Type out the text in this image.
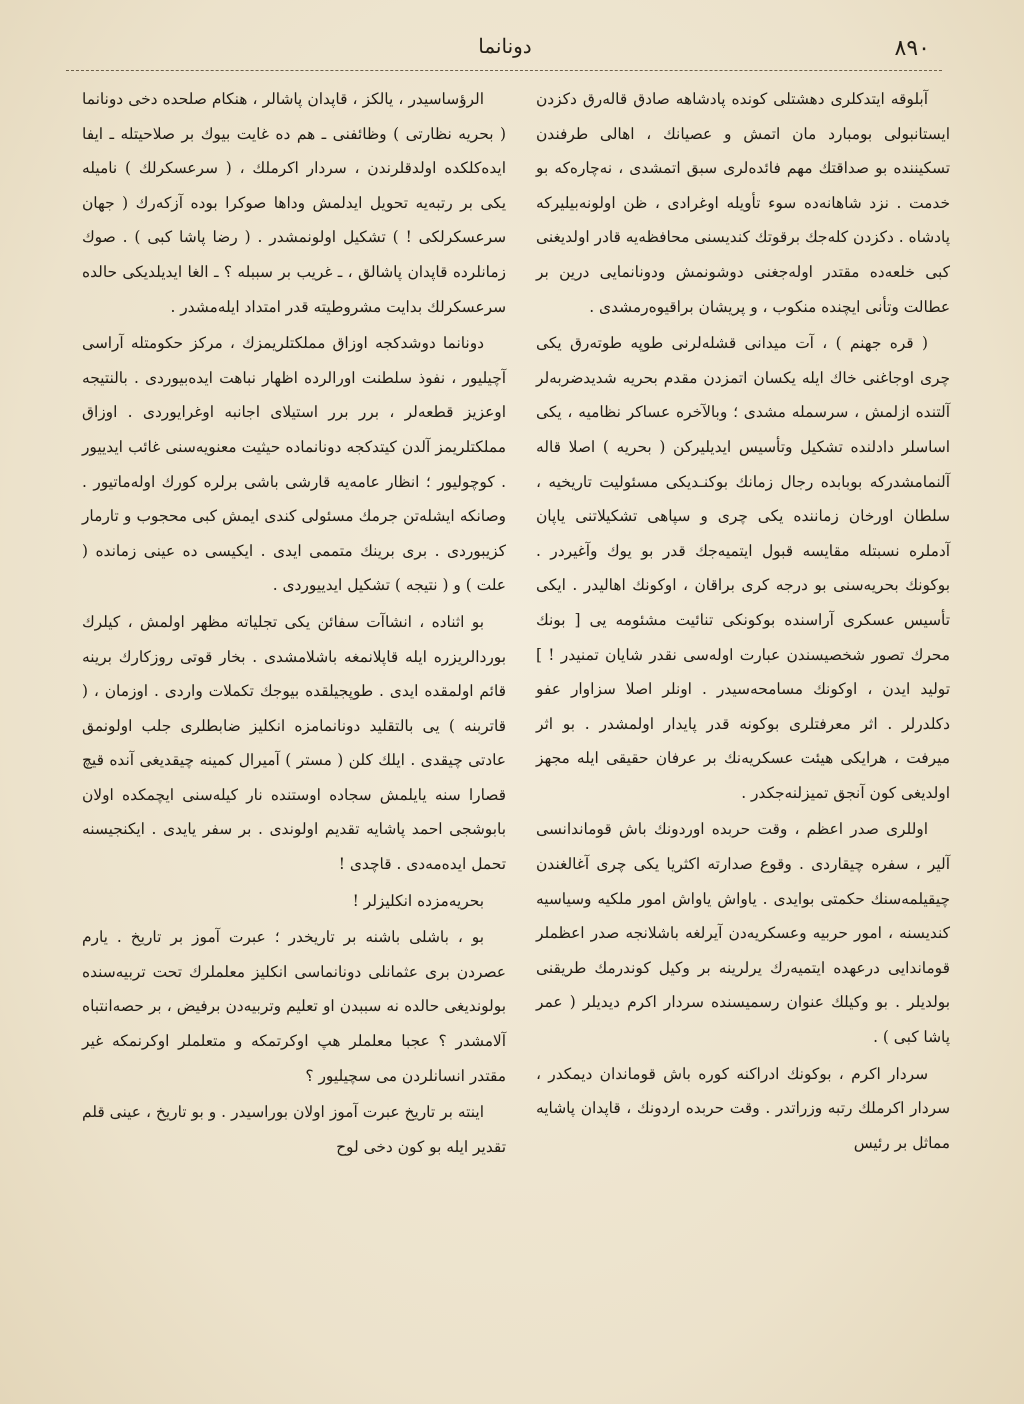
دونانما	۸۹۰

آبلوقه ایتدكلری دهشتلی كونده پادشاهه صادق قالەرق دكزدن ایستانبولی بومبارد مان اتمش و عصیانك ، اهالی طرفندن تسكیننده بو صداقتك مهم فائدەلری سبق اتمشدی ، نەچارەكه بو خدمت . نزد شاهانەده سوء تأویله اوغرادی ، ظن اولونەبیلیركه پادشاه . دكزدن كلەجك برقوتك كندیسنی محافظەیه قادر اولدیغنی كبی خلعەده مقتدر اولەجغنی دوشونمش ودونانمایی درین بر عطالت وتأنی ایچنده منكوب ، و پریشان براقیوەرمشدی .

( قره جهنم ) ، آت میدانی قشلەلرنی طوپه طوتەرق یكی چری اوجاغنی خاك ایله یكسان اتمزدن مقدم بحریه شدیدضربەلر آلتنده ازلمش ، سرسمله مشدی ؛ وبالآخره عساكر نظامیه ، یكی اساسلر دادلنده تشكیل وتأسیس ایدیلیركن ( بحریه ) اصلا قاله آلنمامشدركه بوبابده رجال زمانك بوكنـدیكی مسئولیت تاریخیه ، سلطان اورخان زماننده یكی چری و سپاهی تشكیلاتنی یاپان آدملره نسبتله مقایسه قبول ایتمیەجك قدر بو یوك وآغیردر . بوكونك بحریەسنی بو درجه كری براقان ، اوكونك اهالیدر . ایكی تأسیس عسكری آراسنده بوكونكی تنائیت مشئومه یی [ بونك محرك تصور شخصیسندن عبارت اولەسی نقدر شایان تمنیدر ! ] تولید ایدن ، اوكونك مسامحەسیدر . اونلر اصلا سزاوار عفو دكلدرلر . اثر معرفتلری بوكونه قدر پایدار اولمشدر . بو اثر میرفت ، هرایكی هیئت عسكریەنك بر عرفان حقیقی ایله مجهز اولدیغی كون آنجق تمیزلنەجكدر .

اوللری صدر اعظم ، وقت حربده اوردونك باش قوماندانسی آلیر ، سفره چیقاردی . وقوع صدارته اكثریا یكی چری آغالغندن چیقیلمەسنك حكمتی بوایدی . یاواش یاواش امور ملكیه وسیاسیه كندیسنه ، امور حربیه وعسكریەدن آیرلغه باشلانجه صدر اعظملر قوماندایی درعهده ایتمیەرك یرلرینه بر وكیل كوندرمك طریقنی بولدیلر . بو وكیلك عنوان رسمیسنده سردار اكرم دیدیلر ( عمر پاشا كبی ) .

سردار اكرم ، بوكونك ادراكنه كوره باش قوماندان دیمكدر ، سردار اكرملك رتبه وزراتدر . وقت حربده اردونك ، قاپدان پاشایه مماثل بر رئیس

الرؤساسیدر ، یالكز ، قاپدان پاشالر ، هنكام صلحده دخی دونانما ( بحریه نظارتی ) وظائفنی ـ هم ده غایت بیوك بر صلاحیتله ـ ایفا ایدەكلكده اولدقلرندن ، سردار اكرملك ، ( سرعسكرلك ) نامیله یكی بر رتبەیه تحویل ایدلمش وداها صوكرا بوده آزكەرك ( جهان سرعسكرلكی ! ) تشكیل اولونمشدر . ( رضا پاشا كبی ) . صوك زمانلرده قاپدان پاشالق ، ـ غریب بر سببله ؟ ـ الغا ایدیلدیكی حالده سرعسكرلك بدایت مشروطیته قدر امتداد ایلەمشدر .

دونانما دوشدكجه اوزاق مملكتلریمزك ، مركز حكومتله آراسی آچیلیور ، نفوذ سلطنت اورالرده اظهار نباهت ایدەبیوردی . بالنتیجه اوعزیز قطعەلر ، برر برر استیلای اجانبه اوغرایوردی . اوزاق مملكتلریمز آلدن كیتدكجه دونانماده حیثیت معنویەسنی غائب ایدییور . كوچولیور ؛ انظار عامەیه قارشی باشی برلره كورك اولەماتیور . وصانكه ایشلەتن جرمك مسئولی كندی ایمش كبی محجوب و تارمار كزیبوردی . بری برینك متممی ایدی . ایكیسی ده عینی زمانده ( علت ) و ( نتیجه ) تشكیل ایدییوردی .

بو اثناده ، انشاآت سفائن یكی تجلیاته مظهر اولمش ، كیلرك بوردالریزره ایله قاپلانمغه باشلامشدی . بخار قوتی روزكارك برینه قائم اولمقده ایدی . طوپجیلقده بیوجك تكملات واردی . اوزمان ، ( قاتربنه ) یی بالتقلید دونانمامزه انكلیز ضابطلری جلب اولونمق عادتی چیقدی . ایلك كلن ( مستر ) آمیرال كمینه چیقدیغی آنده قیچ قصارا سنه یایلمش سجاده اوستنده نار كیلەسنی ایچمكده اولان بابوشجی احمد پاشایه تقدیم اولوندی . بر سفر یایدی . ایكنجیسنه تحمل ایدەمەدی . قاچدی !

بحریەمزده انكلیزلر !

بو ، باشلی باشنه بر تاریخدر ؛ عبرت آموز بر تاریخ . یارم عصردن بری عثمانلی دونانماسی انكلیز معلملرك تحت تربیەسنده بولوندیغی حالده نه سببدن او تعلیم وتربیەدن برفیض ، بر حصەانتباه آلامشدر ؟ عجبا معلملر هپ اوكرتمكه و متعلملر اوكرنمكه غیر مقتدر انسانلردن می سچیلیور ؟

اینته بر تاریخ عبرت آموز اولان بوراسیدر . و بو تاریخ ، عینی قلم تقدیر ایله بو كون دخی لوح
